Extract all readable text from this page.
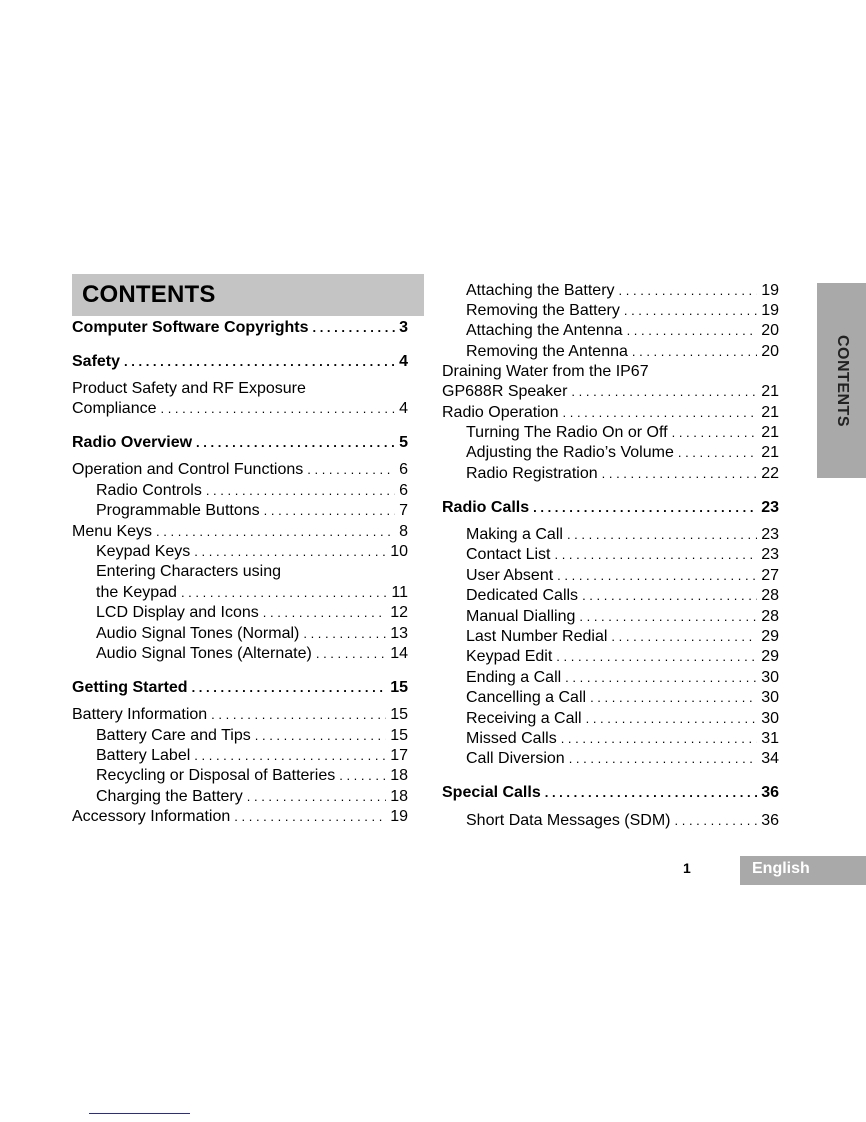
CONTENTS
CONTENTS
Computer Software Copyrights . . .	3
Safety . . .	4
Product Safety and RF Exposure
Compliance . . .	4
Radio Overview . . .	5
Operation and Control Functions . . .	6
Radio Controls . . .	6
Programmable Buttons . . .	7
Menu Keys . . .	8
Keypad Keys . . .	10
Entering Characters using
the Keypad . . .	11
LCD Display and Icons . . .	12
Audio Signal Tones (Normal) . . .	13
Audio Signal Tones (Alternate) . . .	14
Getting Started . . .	15
Battery Information . . .	15
Battery Care and Tips . . .	15
Battery Label . . .	17
Recycling or Disposal of Batteries . . .	18
Charging the Battery . . .	18
Accessory Information . . .	19
Attaching the Battery . . .	19
Removing the Battery . . .	19
Attaching the Antenna . . .	20
Removing the Antenna . . .	20
Draining Water from the IP67
GP688R Speaker . . .	21
Radio Operation . . .	21
Turning The Radio On or Off . . .	21
Adjusting the Radio’s Volume . . .	21
Radio Registration . . .	22
Radio Calls . . .	23
Making a Call . . .	23
Contact List . . .	23
User Absent . . .	27
Dedicated Calls . . .	28
Manual Dialling . . .	28
Last Number Redial . . .	29
Keypad Edit . . .	29
Ending a Call . . .	30
Cancelling a Call . . .	30
Receiving a Call . . .	30
Missed Calls . . .	31
Call Diversion . . .	34
Special Calls . . .	36
Short Data Messages (SDM) . . .	36
1	English
